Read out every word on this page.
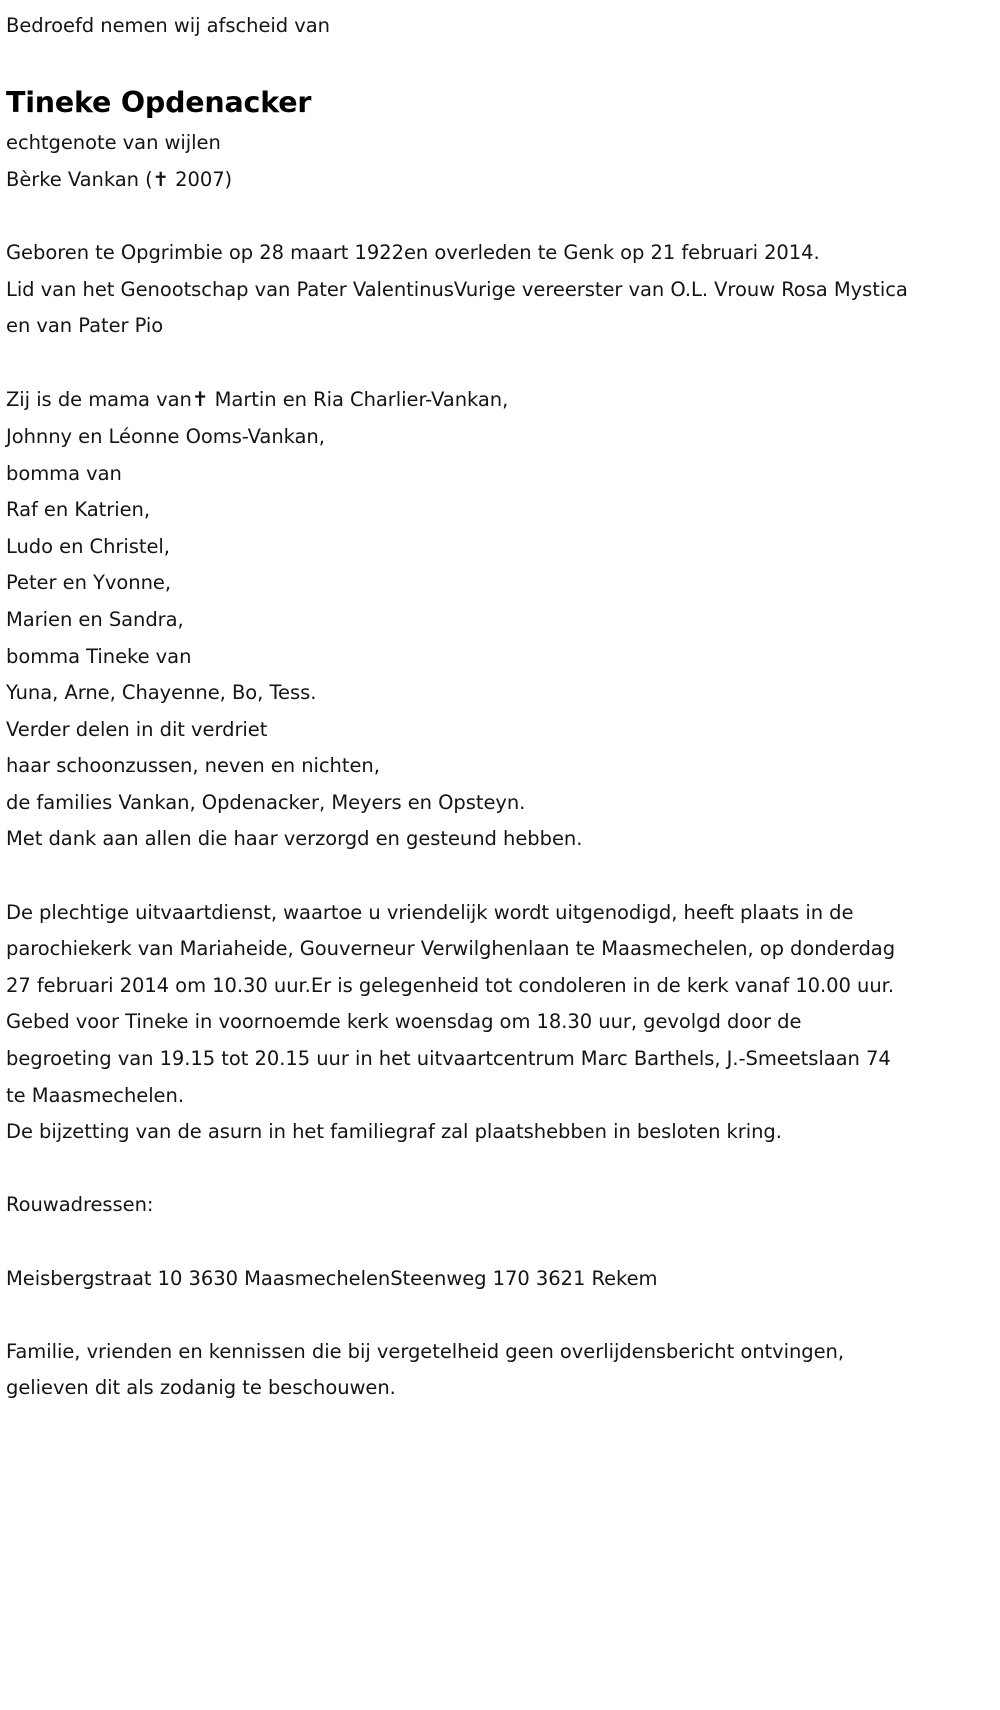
Bedroefd nemen wij afscheid van

Tineke Opdenacker

echtgenote van wijlen

Bèrke Vankan (✝ 2007)

Geboren te Opgrimbie op 28 maart 1922en overleden te Genk op 21 februari 2014.

Lid van het Genootschap van Pater ValentinusVurige vereerster van O.L. Vrouw Rosa Mystica

en van Pater Pio

Zij is de mama van✝ Martin en Ria Charlier-Vankan,

Johnny en Léonne Ooms-Vankan,

bomma van

Raf en Katrien,

Ludo en Christel,

Peter en Yvonne,

Marien en Sandra,

bomma Tineke van

Yuna, Arne, Chayenne, Bo, Tess.

Verder delen in dit verdriet

haar schoonzussen, neven en nichten,

de families Vankan, Opdenacker, Meyers en Opsteyn.

Met dank aan allen die haar verzorgd en gesteund hebben.

De plechtige uitvaartdienst, waartoe u vriendelijk wordt uitgenodigd, heeft plaats in de parochiekerk van Mariaheide, Gouverneur Verwilghenlaan te Maasmechelen, op donderdag 27 februari 2014 om 10.30 uur.Er is gelegenheid tot condoleren in de kerk vanaf 10.00 uur.

Gebed voor Tineke in voornoemde kerk woensdag om 18.30 uur, gevolgd door de begroeting van 19.15 tot 20.15 uur in het uitvaartcentrum Marc Barthels, J.-Smeetslaan 74 te Maasmechelen.

De bijzetting van de asurn in het familiegraf zal plaatshebben in besloten kring.

Rouwadressen:

Meisbergstraat 10 3630 MaasmechelenSteenweg 170 3621 Rekem

Familie, vrienden en kennissen die bij vergetelheid geen overlijdensbericht ontvingen, gelieven dit als zodanig te beschouwen.
